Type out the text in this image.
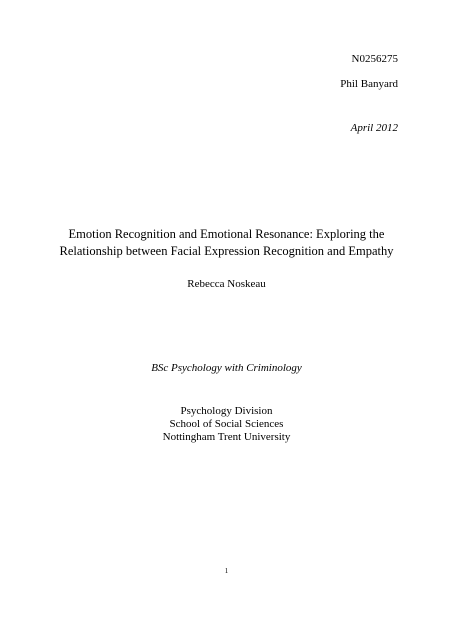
N0256275
Phil Banyard
April 2012
Emotion Recognition and Emotional Resonance: Exploring the
Relationship between Facial Expression Recognition and Empathy
Rebecca Noskeau
BSc Psychology with Criminology
Psychology Division
School of Social Sciences
Nottingham Trent University
1
